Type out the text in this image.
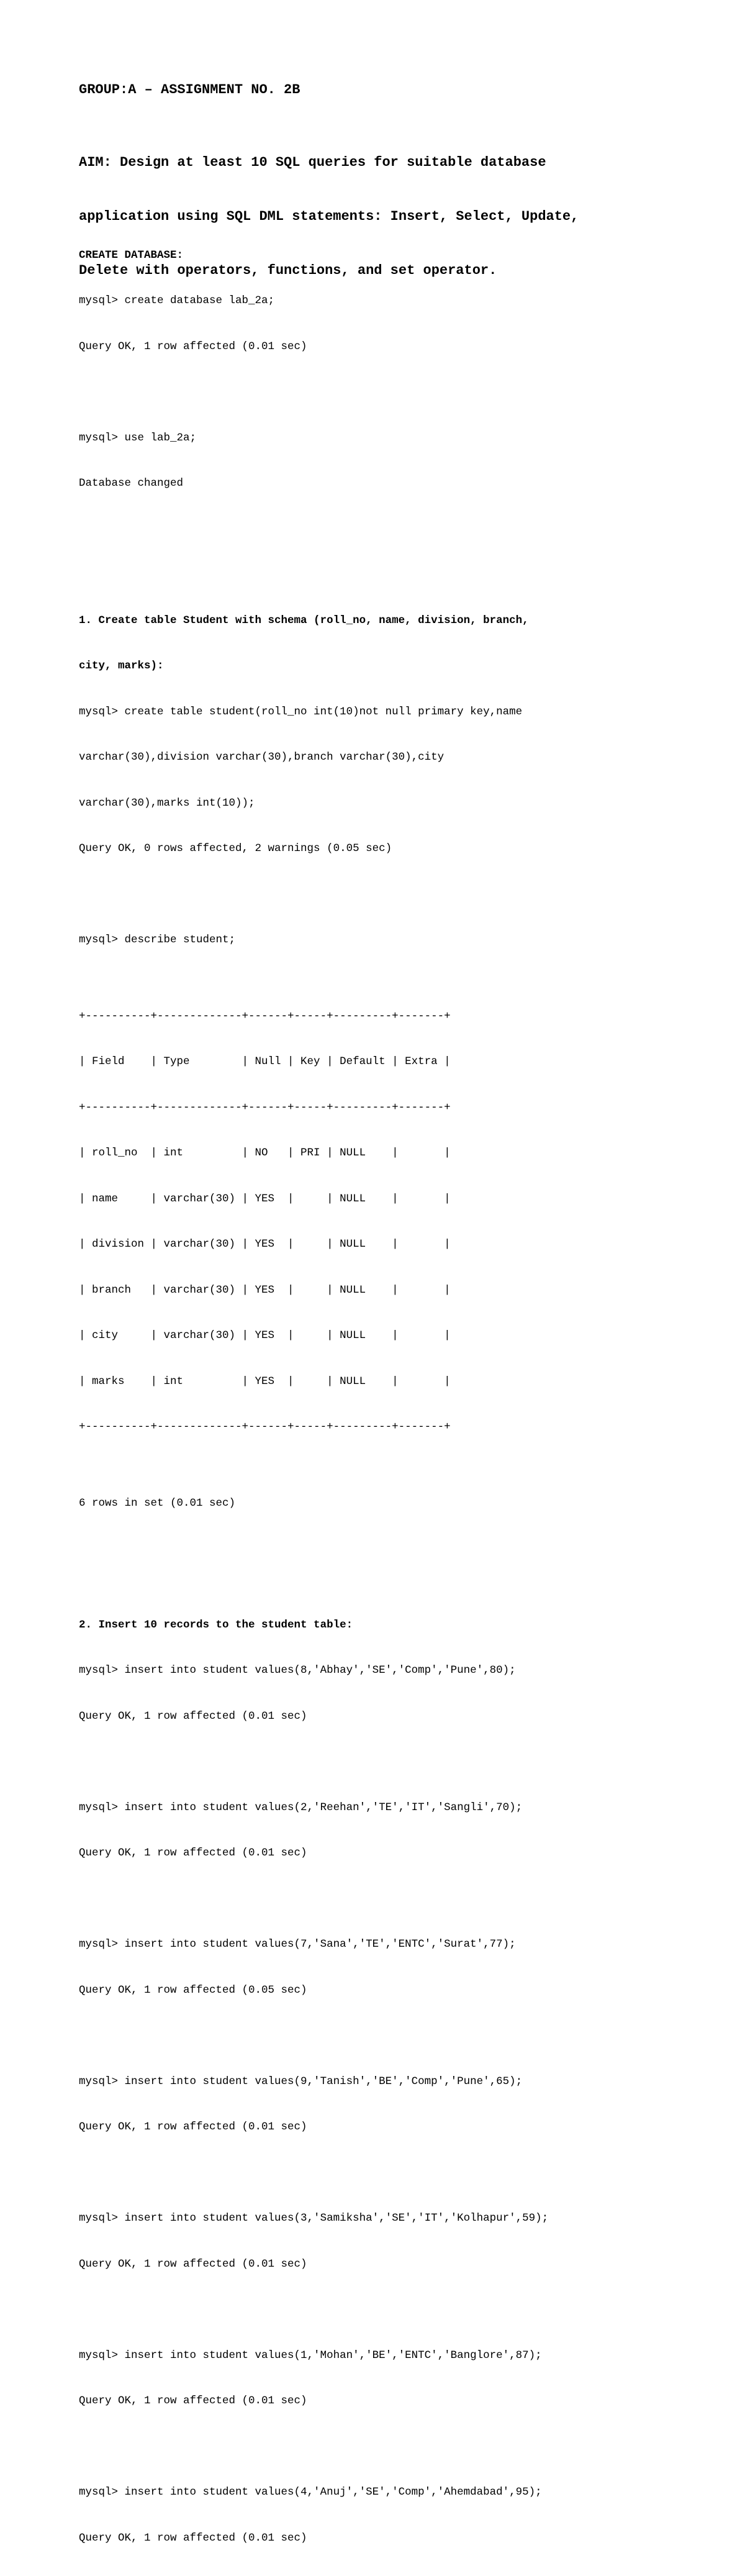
GROUP:A – ASSIGNMENT NO. 2B

AIM: Design at least 10 SQL queries for suitable database

application using SQL DML statements: Insert, Select, Update,

Delete with operators, functions, and set operator.

CREATE DATABASE:

mysql> create database lab_2a;

Query OK, 1 row affected (0.01 sec)

mysql> use lab_2a;

Database changed

1. Create table Student with schema (roll_no, name, division, branch,

city, marks):

mysql> create table student(roll_no int(10)not null primary key,name

varchar(30),division varchar(30),branch varchar(30),city

varchar(30),marks int(10));

Query OK, 0 rows affected, 2 warnings (0.05 sec)

mysql> describe student;

+----------+-------------+------+-----+---------+-------+

| Field    | Type        | Null | Key | Default | Extra |

+----------+-------------+------+-----+---------+-------+

| roll_no  | int         | NO   | PRI | NULL    |       |

| name     | varchar(30) | YES  |     | NULL    |       |

| division | varchar(30) | YES  |     | NULL    |       |

| branch   | varchar(30) | YES  |     | NULL    |       |

| city     | varchar(30) | YES  |     | NULL    |       |

| marks    | int         | YES  |     | NULL    |       |

+----------+-------------+------+-----+---------+-------+

6 rows in set (0.01 sec)

2. Insert 10 records to the student table:

mysql> insert into student values(8,'Abhay','SE','Comp','Pune',80);

Query OK, 1 row affected (0.01 sec)

mysql> insert into student values(2,'Reehan','TE','IT','Sangli',70);

Query OK, 1 row affected (0.01 sec)

mysql> insert into student values(7,'Sana','TE','ENTC','Surat',77);

Query OK, 1 row affected (0.05 sec)

mysql> insert into student values(9,'Tanish','BE','Comp','Pune',65);

Query OK, 1 row affected (0.01 sec)

mysql> insert into student values(3,'Samiksha','SE','IT','Kolhapur',59);

Query OK, 1 row affected (0.01 sec)

mysql> insert into student values(1,'Mohan','BE','ENTC','Banglore',87);

Query OK, 1 row affected (0.01 sec)

mysql> insert into student values(4,'Anuj','SE','Comp','Ahemdabad',95);

Query OK, 1 row affected (0.01 sec)
